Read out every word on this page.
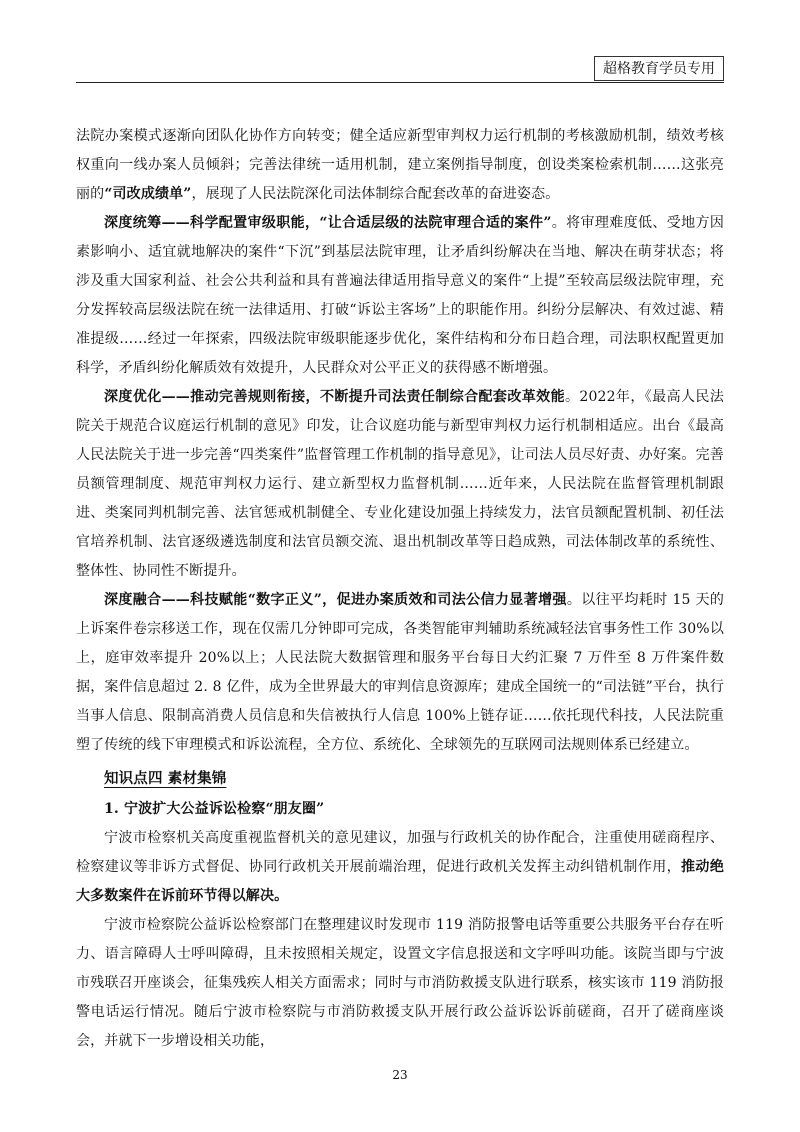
超格教育学员专用

法院办案模式逐渐向团队化协作方向转变；健全适应新型审判权力运行机制的考核激励机制，绩效考核权重向一线办案人员倾斜；完善法律统一适用机制，建立案例指导制度，创设类案检索机制……这张亮丽的“司改成绩单”，展现了人民法院深化司法体制综合配套改革的奋进姿态。

深度统筹——科学配置审级职能，“让合适层级的法院审理合适的案件”。将审理难度低、受地方因素影响小、适宜就地解决的案件“下沉”到基层法院审理，让矛盾纠纷解决在当地、解决在萌芽状态；将涉及重大国家利益、社会公共利益和具有普遍法律适用指导意义的案件“上提”至较高层级法院审理，充分发挥较高层级法院在统一法律适用、打破“诉讼主客场”上的职能作用。纠纷分层解决、有效过滤、精准提级……经过一年探索，四级法院审级职能逐步优化，案件结构和分布日趋合理，司法职权配置更加科学，矛盾纠纷化解质效有效提升，人民群众对公平正义的获得感不断增强。

深度优化——推动完善规则衔接，不断提升司法责任制综合配套改革效能。2022年，《最高人民法院关于规范合议庭运行机制的意见》印发，让合议庭功能与新型审判权力运行机制相适应。出台《最高人民法院关于进一步完善“四类案件”监督管理工作机制的指导意见》，让司法人员尽好责、办好案。完善员额管理制度、规范审判权力运行、建立新型权力监督机制……近年来，人民法院在监督管理机制跟进、类案同判机制完善、法官惩戒机制健全、专业化建设加强上持续发力，法官员额配置机制、初任法官培养机制、法官逐级遴选制度和法官员额交流、退出机制改革等日趋成熟，司法体制改革的系统性、整体性、协同性不断提升。

深度融合——科技赋能“数字正义”，促进办案质效和司法公信力显著增强。以往平均耗时 15 天的上诉案件卷宗移送工作，现在仅需几分钟即可完成，各类智能审判辅助系统减轻法官事务性工作 30%以上，庭审效率提升 20%以上；人民法院大数据管理和服务平台每日大约汇聚 7 万件至 8 万件案件数据，案件信息超过 2. 8 亿件，成为全世界最大的审判信息资源库；建成全国统一的“司法链”平台，执行当事人信息、限制高消费人员信息和失信被执行人信息 100%上链存证……依托现代科技，人民法院重塑了传统的线下审理模式和诉讼流程，全方位、系统化、全球领先的互联网司法规则体系已经建立。

知识点四 素材集锦
1. 宁波扩大公益诉讼检察“朋友圈”

宁波市检察机关高度重视监督机关的意见建议，加强与行政机关的协作配合，注重使用磋商程序、检察建议等非诉方式督促、协同行政机关开展前端治理，促进行政机关发挥主动纠错机制作用，推动绝大多数案件在诉前环节得以解决。

宁波市检察院公益诉讼检察部门在整理建议时发现市 119 消防报警电话等重要公共服务平台存在听力、语言障碍人士呼叫障碍，且未按照相关规定，设置文字信息报送和文字呼叫功能。该院当即与宁波市残联召开座谈会，征集残疾人相关方面需求；同时与市消防救援支队进行联系，核实该市 119 消防报警电话运行情况。随后宁波市检察院与市消防救援支队开展行政公益诉讼诉前磋商，召开了磋商座谈会，并就下一步增设相关功能，

23
